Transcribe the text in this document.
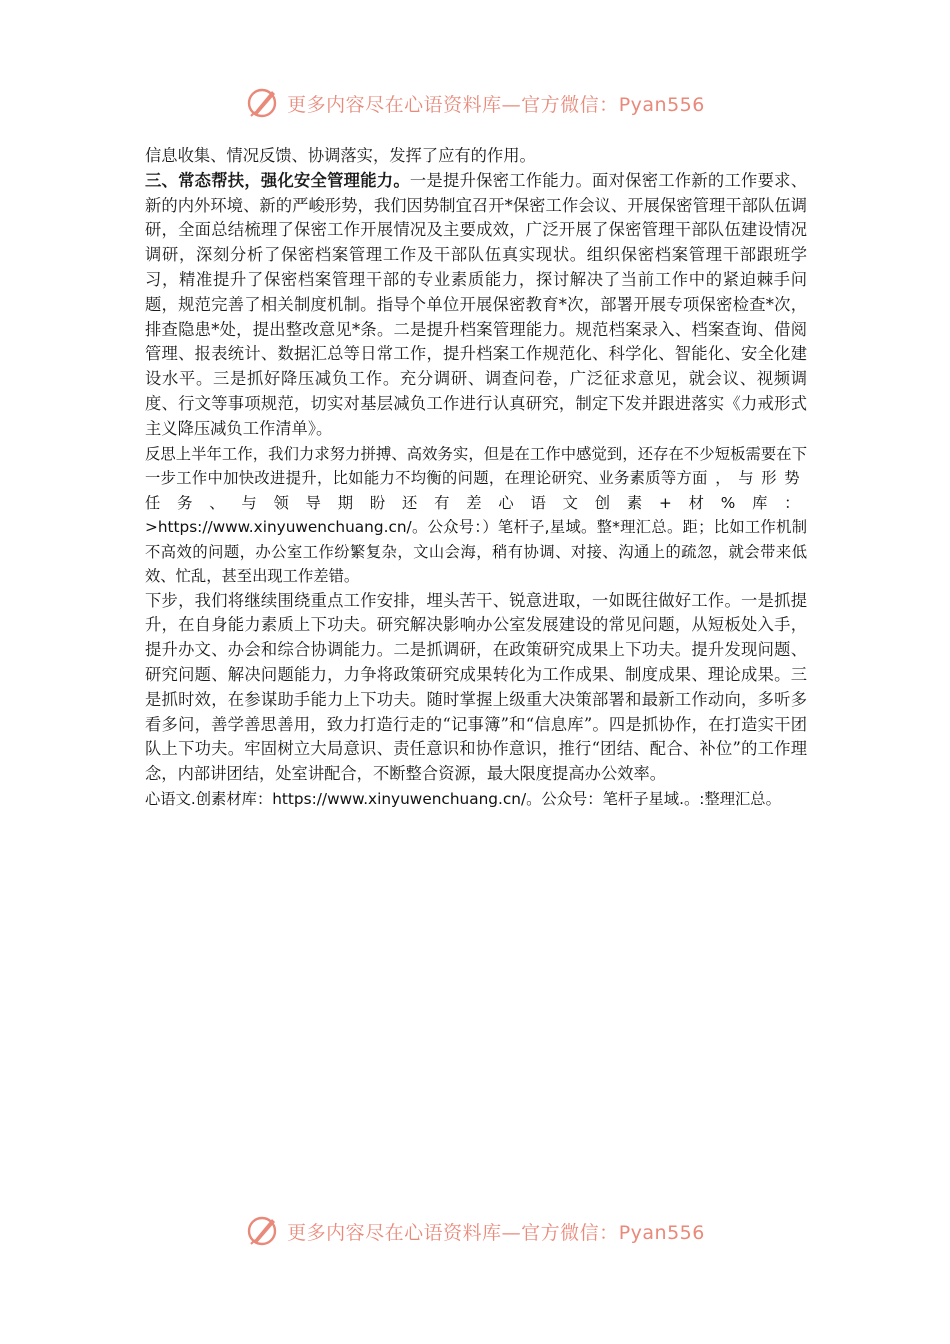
更多内容尽在心语资料库—官方微信：Pyan556

信息收集、情况反馈、协调落实，发挥了应有的作用。

三、常态帮扶，强化安全管理能力。一是提升保密工作能力。面对保密工作新的工作要求、新的内外环境、新的严峻形势，我们因势制宜召开*保密工作会议、开展保密管理干部队伍调研，全面总结梳理了保密工作开展情况及主要成效，广泛开展了保密管理干部队伍建设情况调研，深刻分析了保密档案管理工作及干部队伍真实现状。组织保密档案管理干部跟班学习，精准提升了保密档案管理干部的专业素质能力，探讨解决了当前工作中的紧迫棘手问题，规范完善了相关制度机制。指导个单位开展保密教育*次，部署开展专项保密检查*次，排查隐患*处，提出整改意见*条。二是提升档案管理能力。规范档案录入、档案查询、借阅管理、报表统计、数据汇总等日常工作，提升档案工作规范化、科学化、智能化、安全化建设水平。三是抓好降压减负工作。充分调研、调查问卷，广泛征求意见，就会议、视频调度、行文等事项规范，切实对基层减负工作进行认真研究，制定下发并跟进落实《力戒形式主义降压减负工作清单》。

反思上半年工作，我们力求努力拼搏、高效务实，但是在工作中感觉到，还存在不少短板需要在下一步工作中加快改进提升，比如能力不均衡的问题，在理论研究、业务素质等方面，与形势任务、与领导期盼还有差心语文创素+材%库：>https://www.xinyuwenchuang.cn/。公众号：）笔杆子,星域。整*理汇总。距；比如工作机制不高效的问题，办公室工作纷繁复杂，文山会海，稍有协调、对接、沟通上的疏忽，就会带来低效、忙乱，甚至出现工作差错。

下步，我们将继续围绕重点工作安排，埋头苦干、锐意进取，一如既往做好工作。一是抓提升，在自身能力素质上下功夫。研究解决影响办公室发展建设的常见问题，从短板处入手，提升办文、办会和综合协调能力。二是抓调研，在政策研究成果上下功夫。提升发现问题、研究问题、解决问题能力，力争将政策研究成果转化为工作成果、制度成果、理论成果。三是抓时效，在参谋助手能力上下功夫。随时掌握上级重大决策部署和最新工作动向，多听多看多问，善学善思善用，致力打造行走的“记事簿”和“信息库”。四是抓协作，在打造实干团队上下功夫。牢固树立大局意识、责任意识和协作意识，推行“团结、配合、补位”的工作理念，内部讲团结，处室讲配合，不断整合资源，最大限度提高办公效率。

心语文.创素材库：https://www.xinyuwenchuang.cn/。公众号：笔杆子星域.。:整理汇总。

更多内容尽在心语资料库—官方微信：Pyan556
